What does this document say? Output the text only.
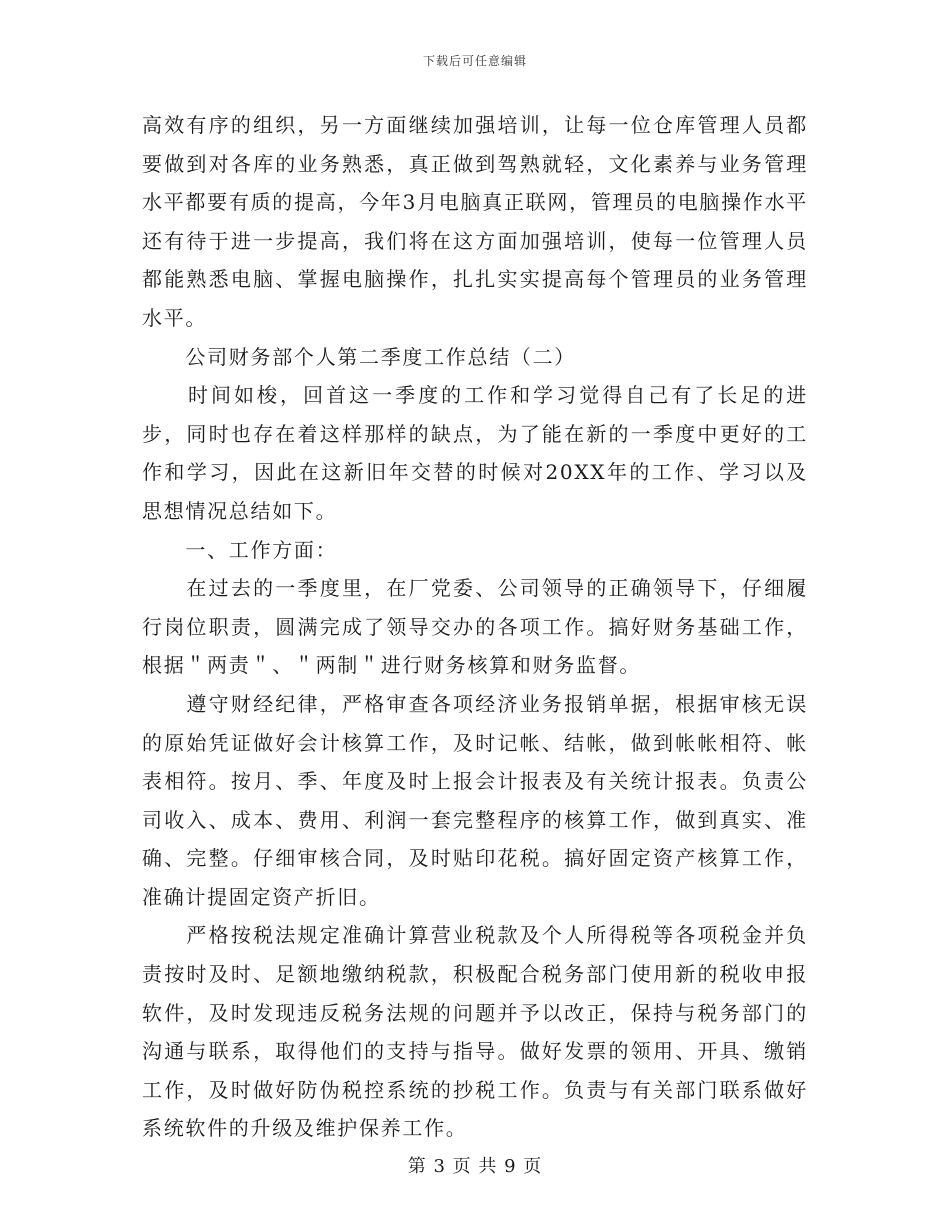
下载后可任意编辑

高效有序的组织，另一方面继续加强培训，让每一位仓库管理人员都要做到对各库的业务熟悉，真正做到驾熟就轻，文化素养与业务管理水平都要有质的提高，今年3月电脑真正联网，管理员的电脑操作水平还有待于进一步提高，我们将在这方面加强培训，使每一位管理人员都能熟悉电脑、掌握电脑操作，扎扎实实提高每个管理员的业务管理水平。

　　公司财务部个人第二季度工作总结（二）

　　时间如梭，回首这一季度的工作和学习觉得自己有了长足的进步，同时也存在着这样那样的缺点，为了能在新的一季度中更好的工作和学习，因此在这新旧年交替的时候对20XX年的工作、学习以及思想情况总结如下。

　　一、工作方面：

　　在过去的一季度里，在厂党委、公司领导的正确领导下，仔细履行岗位职责，圆满完成了领导交办的各项工作。搞好财务基础工作，根据＂两责＂、＂两制＂进行财务核算和财务监督。

　　遵守财经纪律，严格审查各项经济业务报销单据，根据审核无误的原始凭证做好会计核算工作，及时记帐、结帐，做到帐帐相符、帐表相符。按月、季、年度及时上报会计报表及有关统计报表。负责公司收入、成本、费用、利润一套完整程序的核算工作，做到真实、准确、完整。仔细审核合同，及时贴印花税。搞好固定资产核算工作，准确计提固定资产折旧。

　　严格按税法规定准确计算营业税款及个人所得税等各项税金并负责按时及时、足额地缴纳税款，积极配合税务部门使用新的税收申报软件，及时发现违反税务法规的问题并予以改正，保持与税务部门的沟通与联系，取得他们的支持与指导。做好发票的领用、开具、缴销工作，及时做好防伪税控系统的抄税工作。负责与有关部门联系做好系统软件的升级及维护保养工作。

第 3 页 共 9 页
